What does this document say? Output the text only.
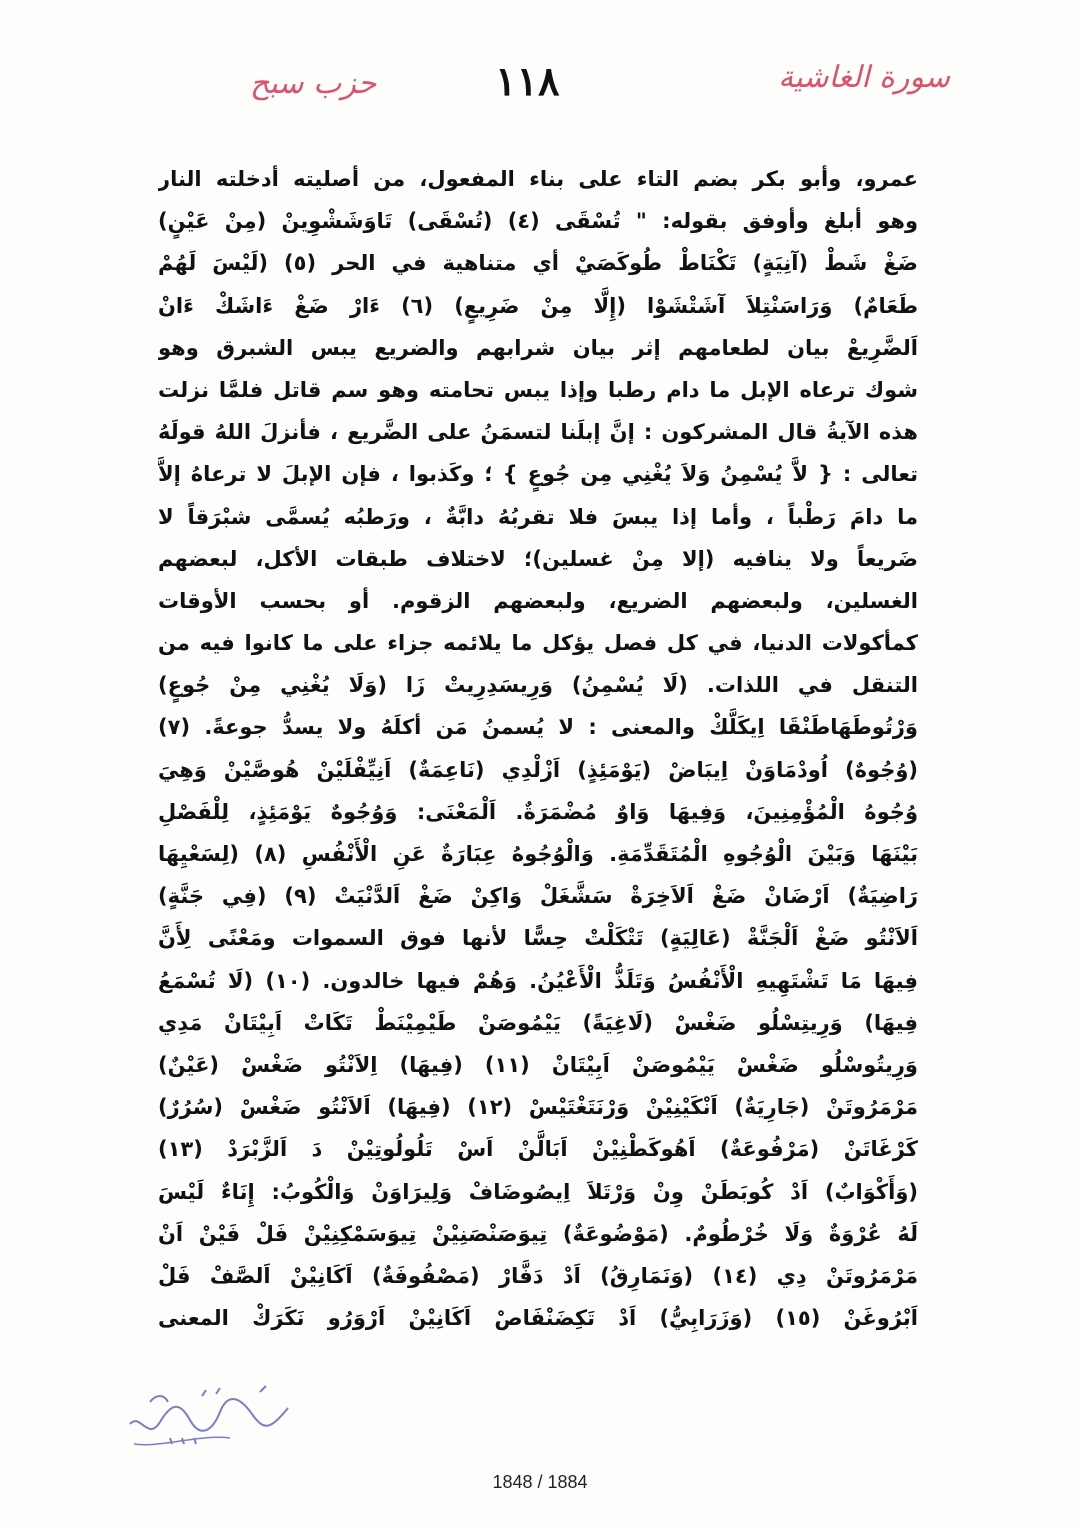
حزب سبح	١١٨	سورة الغاشية
عمرو، وأبو بكر بضم التاء على بناء المفعول، من أصليته أدخلته النار
وهو أبلغ وأوفق بقوله: " تُسْقَى (٤) (تُسْقَى) تَاوَشَشْوِينْ (مِنْ عَيْنٍ)
ضَغْ شَطْ (آنِيَةٍ) تَكْنَاطْ طُوكَصَيْ أي متناهية في الحر (٥) (لَيْسَ لَهُمْ
طَعَامٌ) وَرَاسَنْتِلاَ آشَتْشَوْا (إِلَّا مِنْ ضَرِيعٍ) (٦) ءَارْ ضَغْ ءَاشَكْ ءَانْ
اَلضَّرِيعْ بيان لطعامهم إثر بيان شرابهم والضريع يبس الشبرق وهو
شوك ترعاه الإبل ما دام رطبا وإذا يبس تحامته وهو سم قاتل فلمَّا نزلت
هذه الآيةُ قال المشركون : إنَّ إبلَنا لتسمَنُ على الضَّريع ، فأنزلَ اللهُ قولَهُ
تعالى : { لاَّ يُسْمِنُ وَلاَ يُغْنِي مِن جُوعٍ } ؛ وكَذبوا ، فإن الإبلَ لا ترعاهُ إلاَّ
ما دامَ رَطْباً ، وأما إذا يبسَ فلا تقربُهُ دابَّةٌ ، ورَطبُه يُسمَّى شبْرَقاً لا
ضَريعاً ولا ينافيه (إلا مِنْ غسلين)؛ لاختلاف طبقات الأكل، لبعضهم
الغسلين، ولبعضهم الضريع، ولبعضهم الزقوم. أو بحسب الأوقات
كمأكولات الدنيا، في كل فصل يؤكل ما يلائمه جزاء على ما كانوا فيه من
التنقل في اللذات. (لَا يُسْمِنُ) وَرِيسَدِرِيتْ زَا (وَلَا يُغْنِي مِنْ جُوعٍ)
وَرْتُوطَهَاطَنْقَا اِيكَلَّكْ والمعنى : لا يُسمنُ مَن أكلَهُ ولا يسدُّ جوعةً. (٧)
(وُجُوهٌ) اُودْمَاوَنْ اِيبَاضْ (يَوْمَئِذٍ) اَزْلْدِي (نَاعِمَةٌ) اَنِيِّفْلَيْنْ هُوصَّيْنْ وَهِيَ
وُجُوهُ الْمُؤْمِنِينَ، وَفِيهَا وَاوٌ مُضْمَرَةٌ. اَلْمَعْنَى: وَوُجُوهٌ يَوْمَئِذٍ، لِلْفَصْلِ
بَيْنَهَا وَبَيْنَ الْوُجُوهِ الْمُتَقَدِّمَةِ. وَالْوُجُوهُ عِبَارَةٌ عَنِ الْأَنْفُسِ (٨) (لِسَعْيِهَا
رَاضِيَةٌ) اَرْضَانْ ضَغْ اَلاَخِرَةْ سَشَّغَلْ وَاكِنْ ضَغْ اَلدَّنْيَتْ (٩) (فِي جَنَّةٍ)
اَلاَنْتُو ضَغْ اَلْجَنَّةْ (عَالِيَةٍ) تَتْكَلْتْ حِسًّا لأنها فوق السموات ومَعْنًى لِأَنَّ
فِيهَا مَا تَشْتَهِيهِ الْأَنْفُسُ وَتَلَذُّ الْأَعْيُنُ. وَهُمْ فيها خالدون. (١٠) (لَا تُسْمَعُ
فِيهَا) وَرِيتِسْلُو ضَغْسْ (لَاغِيَةً) يَيْمُوصَنْ طَيْمِيْنَطْ تَكَاتْ اَبِيْتَانْ مَدِي
وَرِيتُوسْلُو ضَغْسْ يَيْمُوصَنْ اَبِيْتَانْ (١١) (فِيهَا) اِلاَنْتُو ضَغْسْ (عَيْنٌ)
مَرْمَرُوتَنْ (جَارِيَةٌ) اَنْكَيْنِيْنْ وَرْنَتَغْتَيْسْ (١٢) (فِيهَا) اَلاَنْتُو ضَغْسْ (سُرُرٌ)
كَرْغَاتَنْ (مَرْفُوعَةٌ) اَهُوكَطْنِيْنْ اَبَالَّنْ اَسْ تَلُولُوتِيْنْ دَ اَلزَّبْرَدْ (١٣)
(وَأَكْوَابٌ) اَدْ كُوبَطَنْ وِنْ وَرْتَلاَ اِيصُوضَافْ وَلِيرَاوَنْ وَالْكُوبُ: إِنَاءٌ لَيْسَ
لَهُ عُرْوَةٌ وَلَا خُرْطُومٌ. (مَوْضُوعَةٌ) تِيوَصَنْصَنِيْنْ تِيوَسَمْكِنِيْنْ فَلْ فَيْنْ اَنْ
مَرْمَرُوتَنْ دِي (١٤) (وَنَمَارِقُ) اَدْ دَفَّارْ (مَصْفُوفَةٌ) اَكَانِيْنْ اَلصَّفْ فَلْ
اَبْرُوغَنْ (١٥) (وَزَرَابِيُّ) اَدْ تَكِضَنْفَاصْ اَكَانِيْنْ اَرْوَرُو نَكَرَكْ المعنى
1848 / 1884
